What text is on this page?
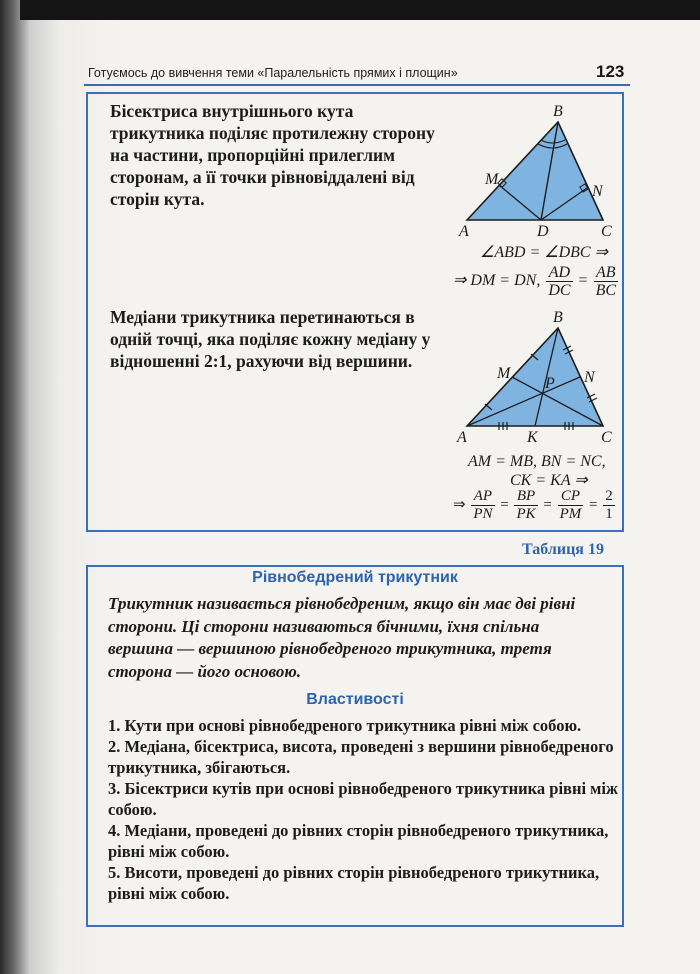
Готуємось до вивчення теми «Паралельність прямих і площин»	123
Бісектриса внутрішнього кута трикутника поділяє протилежну сторону на частини, пропорційні прилеглим сторонам, а її точки рівновіддалені від сторін кута.
Медіани трикутника перетинаються в одній точці, яка поділяє кожну медіану у відношенні 2:1, рахуючи від вершини.
B
A	D	C
M
N
∠ABD = ∠DBC ⇒
⇒ DM = DN, $\frac{AD}{DC} = \frac{AB}{BC}$
B
A	K	C
M	N
P
AM = MB, BN = NC,
CK = KA ⇒
⇒ $\frac{AP}{PN} = \frac{BP}{PK} = \frac{CP}{PM} = \frac{2}{1}$
Таблиця 19
Рівнобедрений трикутник
Трикутник називається рівнобедреним, якщо він має дві рівні сторони. Ці сторони називаються бічними, їхня спільна вершина — вершиною рівнобедреного трикутника, третя сторона — його основою.
Властивості

1. Кути при основі рівнобедреного трикутника рівні між собою.

2. Медіана, бісектриса, висота, проведені з вершини рівнобедреного трикутника, збігаються.

3. Бісектриси кутів при основі рівнобедреного трикутника рівні між собою.

4. Медіани, проведені до рівних сторін рівнобедреного трикутника, рівні між собою.

5. Висоти, проведені до рівних сторін рівнобедреного трикутника, рівні між собою.
